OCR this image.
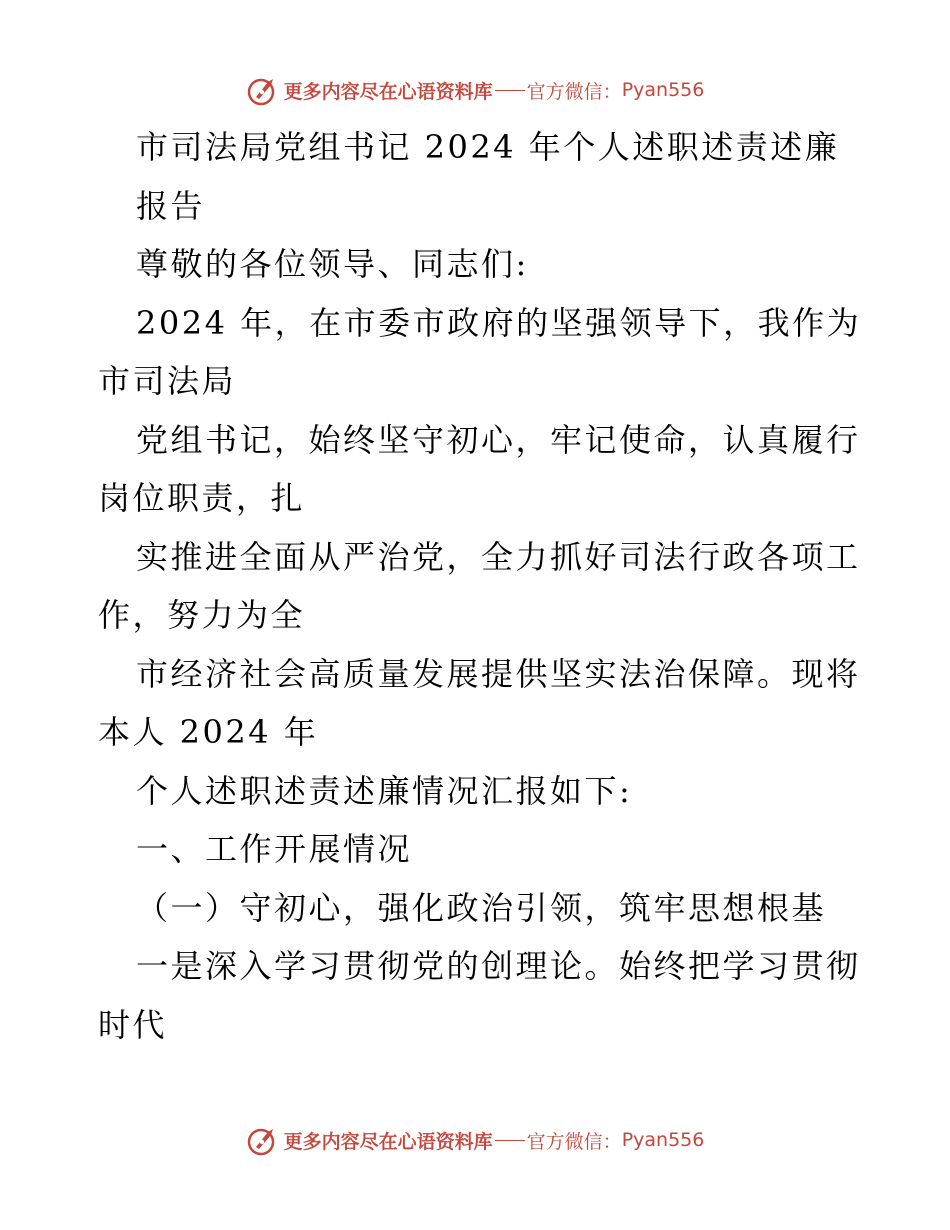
更多内容尽在心语资料库 官方微信： Pyan556
市司法局党组书记 2024 年个人述职述责述廉
报告
尊敬的各位领导、同志们:
2024 年，在市委市政府的坚强领导下，我作为
市司法局
党组书记，始终坚守初心，牢记使命，认真履行
岗位职责，扎
实推进全面从严治党，全力抓好司法行政各项工
作，努力为全
市经济社会高质量发展提供坚实法治保障。现将
本人 2024 年
个人述职述责述廉情况汇报如下:
一、工作开展情况
（一）守初心，强化政治引领，筑牢思想根基
一是深入学习贯彻党的创理论。始终把学习贯彻
时代
更多内容尽在心语资料库 官方微信： Pyan556
